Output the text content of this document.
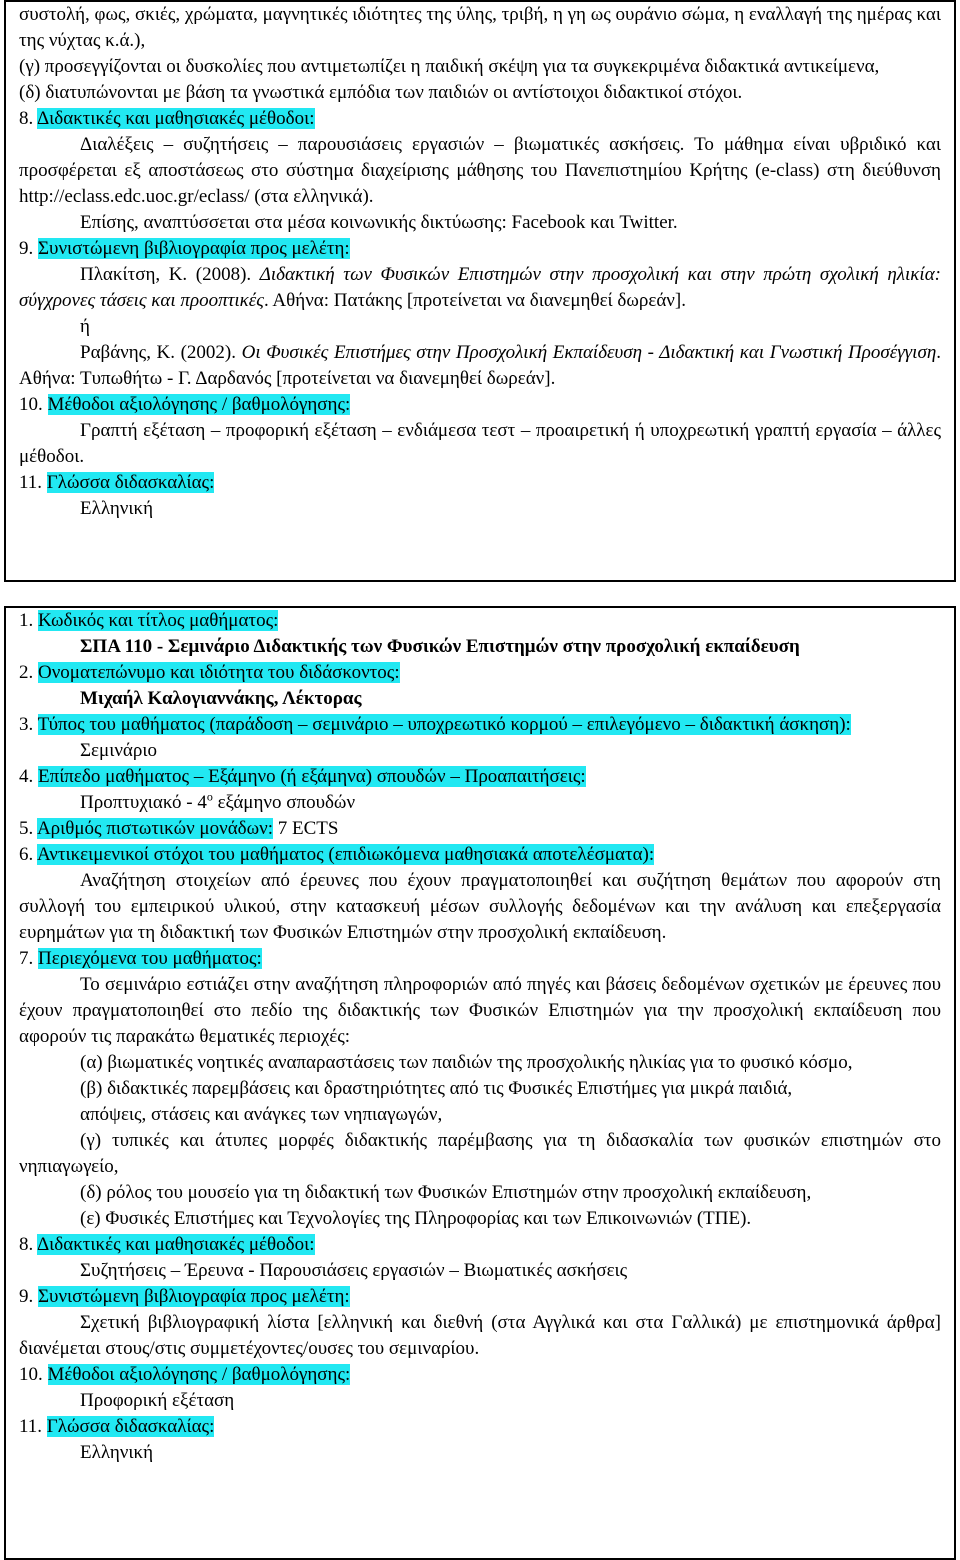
συστολή, φως, σκιές, χρώματα, μαγνητικές ιδιότητες της ύλης, τριβή, η γη ως ουράνιο σώμα, η εναλλαγή της ημέρας και της νύχτας κ.ά.),

(γ) προσεγγίζονται οι δυσκολίες που αντιμετωπίζει η παιδική σκέψη για τα συγκεκριμένα διδακτικά αντικείμενα,

(δ) διατυπώνονται με βάση τα γνωστικά εμπόδια των παιδιών οι αντίστοιχοι διδακτικοί στόχοι.

8. Διδακτικές και μαθησιακές μέθοδοι:

Διαλέξεις – συζητήσεις – παρουσιάσεις εργασιών – βιωματικές ασκήσεις. Το μάθημα είναι υβριδικό και προσφέρεται εξ αποστάσεως στο σύστημα διαχείρισης μάθησης του Πανεπιστημίου Κρήτης (e-class) στη διεύθυνση http://eclass.edc.uoc.gr/eclass/ (στα ελληνικά).

Επίσης, αναπτύσσεται στα μέσα κοινωνικής δικτύωσης: Facebook και Twitter.

9. Συνιστώμενη βιβλιογραφία προς μελέτη:

Πλακίτση, Κ. (2008). Διδακτική των Φυσικών Επιστημών στην προσχολική και στην πρώτη σχολική ηλικία: σύγχρονες τάσεις και προοπτικές. Αθήνα: Πατάκης [προτείνεται να διανεμηθεί δωρεάν].

ή

Ραβάνης, Κ. (2002). Οι Φυσικές Επιστήμες στην Προσχολική Εκπαίδευση - Διδακτική και Γνωστική Προσέγγιση. Αθήνα: Τυπωθήτω - Γ. Δαρδανός [προτείνεται να διανεμηθεί δωρεάν].

10. Μέθοδοι αξιολόγησης / βαθμολόγησης:

Γραπτή εξέταση – προφορική εξέταση – ενδιάμεσα τεστ – προαιρετική ή υποχρεωτική γραπτή εργασία – άλλες μέθοδοι.

11. Γλώσσα διδασκαλίας:

Ελληνική

1. Κωδικός και τίτλος μαθήματος:

ΣΠΑ 110 - Σεμινάριο Διδακτικής των Φυσικών Επιστημών στην προσχολική εκπαίδευση

2. Ονοματεπώνυμο και ιδιότητα του διδάσκοντος:

Μιχαήλ Καλογιαννάκης, Λέκτορας

3. Τύπος του μαθήματος (παράδοση – σεμινάριο – υποχρεωτικό κορμού – επιλεγόμενο – διδακτική άσκηση):

Σεμινάριο

4. Επίπεδο μαθήματος – Εξάμηνο (ή εξάμηνα) σπουδών – Προαπαιτήσεις:

Προπτυχιακό - $4^o$ εξάμηνο σπουδών

5. Αριθμός πιστωτικών μονάδων: 7 ECTS

6. Αντικειμενικοί στόχοι του μαθήματος (επιδιωκόμενα μαθησιακά αποτελέσματα):

Αναζήτηση στοιχείων από έρευνες που έχουν πραγματοποιηθεί και συζήτηση θεμάτων που αφορούν στη συλλογή του εμπειρικού υλικού, στην κατασκευή μέσων συλλογής δεδομένων και την ανάλυση και επεξεργασία ευρημάτων για τη διδακτική των Φυσικών Επιστημών στην προσχολική εκπαίδευση.

7. Περιεχόμενα του μαθήματος:

Το σεμινάριο εστιάζει στην αναζήτηση πληροφοριών από πηγές και βάσεις δεδομένων σχετικών με έρευνες που έχουν πραγματοποιηθεί στο πεδίο της διδακτικής των Φυσικών Επιστημών για την προσχολική εκπαίδευση που αφορούν τις παρακάτω θεματικές περιοχές:

(α) βιωματικές νοητικές αναπαραστάσεις των παιδιών της προσχολικής ηλικίας για το φυσικό κόσμο,

(β) διδακτικές παρεμβάσεις και δραστηριότητες από τις Φυσικές Επιστήμες για μικρά παιδιά,

απόψεις, στάσεις και ανάγκες των νηπιαγωγών,

(γ) τυπικές και άτυπες μορφές διδακτικής παρέμβασης για τη διδασκαλία των φυσικών επιστημών στο νηπιαγωγείο,

(δ) ρόλος του μουσείο για τη διδακτική των Φυσικών Επιστημών στην προσχολική εκπαίδευση,

(ε) Φυσικές Επιστήμες και Τεχνολογίες της Πληροφορίας και των Επικοινωνιών (ΤΠΕ).

8. Διδακτικές και μαθησιακές μέθοδοι:

Συζητήσεις – Έρευνα - Παρουσιάσεις εργασιών – Βιωματικές ασκήσεις

9. Συνιστώμενη βιβλιογραφία προς μελέτη:

Σχετική βιβλιογραφική λίστα [ελληνική και διεθνή (στα Αγγλικά και στα Γαλλικά) με επιστημονικά άρθρα] διανέμεται στους/στις συμμετέχοντες/ουσες του σεμιναρίου.

10. Μέθοδοι αξιολόγησης / βαθμολόγησης:

Προφορική εξέταση

11. Γλώσσα διδασκαλίας:

Ελληνική
